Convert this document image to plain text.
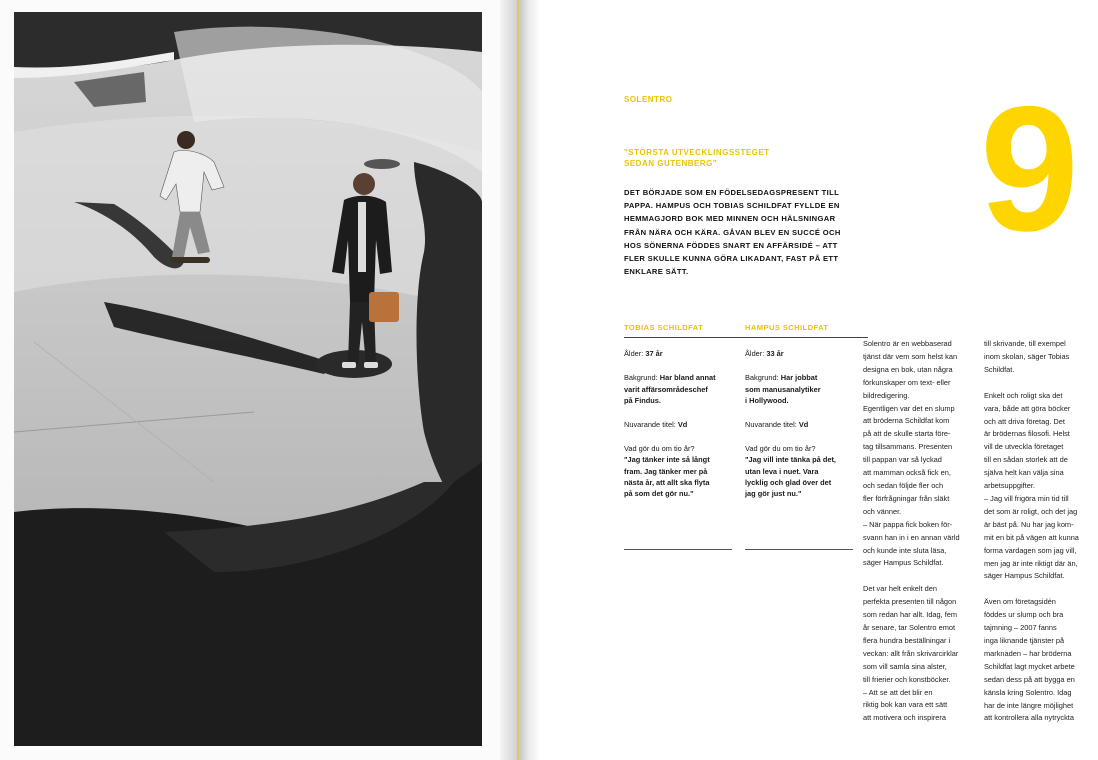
SOLENTRO
"STÖRSTA UTVECKLINGSSTEGET
SEDAN GUTENBERG"	9
DET BÖRJADE SOM EN FÖDELSEDAGSPRESENT TILL
PAPPA. HAMPUS OCH TOBIAS SCHILDFAT FYLLDE EN
HEMMAGJORD BOK MED MINNEN OCH HÄLSNINGAR
FRÅN NÄRA OCH KÄRA. GÅVAN BLEV EN SUCCÉ OCH
HOS SÖNERNA FÖDDES SNART EN AFFÄRSIDÉ – ATT
FLER SKULLE KUNNA GÖRA LIKADANT, FAST PÅ ETT
ENKLARE SÄTT.
TOBIAS SCHILDFAT
Ålder: 37 år
Bakgrund: Har bland annat
varit affärsområdeschef
på Findus.
Nuvarande titel: Vd
Vad gör du om tio år?
"Jag tänker inte så långt
fram. Jag tänker mer på
nästa år, att allt ska flyta
på som det gör nu."
HAMPUS SCHILDFAT
Ålder: 33 år
Bakgrund: Har jobbat
som manusanalytiker
i Hollywood.
Nuvarande titel: Vd
Vad gör du om tio år?
"Jag vill inte tänka på det,
utan leva i nuet. Vara
lycklig och glad över det
jag gör just nu."

Solentro är en webbaserad
tjänst där vem som helst kan
designa en bok, utan några
förkunskaper om text- eller
bildredigering.
Egentligen var det en slump
att bröderna Schildfat kom
på att de skulle starta före-
tag tillsammans. Presenten
till pappan var så lyckad
att mamman också fick en,
och sedan följde fler och
fler förfrågningar från släkt
och vänner.
– När pappa fick boken för-
svann han in i en annan värld
och kunde inte sluta läsa,
säger Hampus Schildfat.

Det var helt enkelt den
perfekta presenten till någon
som redan har allt. Idag, fem
år senare, tar Solentro emot
flera hundra beställningar i
veckan: allt från skrivarcirklar
som vill samla sina alster,
till frierier och konstböcker.
– Att se att det blir en
riktig bok kan vara ett sätt
att motivera och inspirera

till skrivande, till exempel
inom skolan, säger Tobias
Schildfat.

Enkelt och roligt ska det
vara, både att göra böcker
och att driva företag. Det
är brödernas filosofi. Helst
vill de utveckla företaget
till en sådan storlek att de
själva helt kan välja sina
arbetsuppgifter.
– Jag vill frigöra min tid till
det som är roligt, och det jag
är bäst på. Nu har jag kom-
mit en bit på vägen att kunna
forma vardagen som jag vill,
men jag är inte riktigt där än,
säger Hampus Schildfat.

Även om företagsidén
föddes ur slump och bra
tajmning – 2007 fanns
inga liknande tjänster på
marknaden – har bröderna
Schildfat lagt mycket arbete
sedan dess på att bygga en
känsla kring Solentro. Idag
har de inte längre möjlighet
att kontrollera alla nytryckta
